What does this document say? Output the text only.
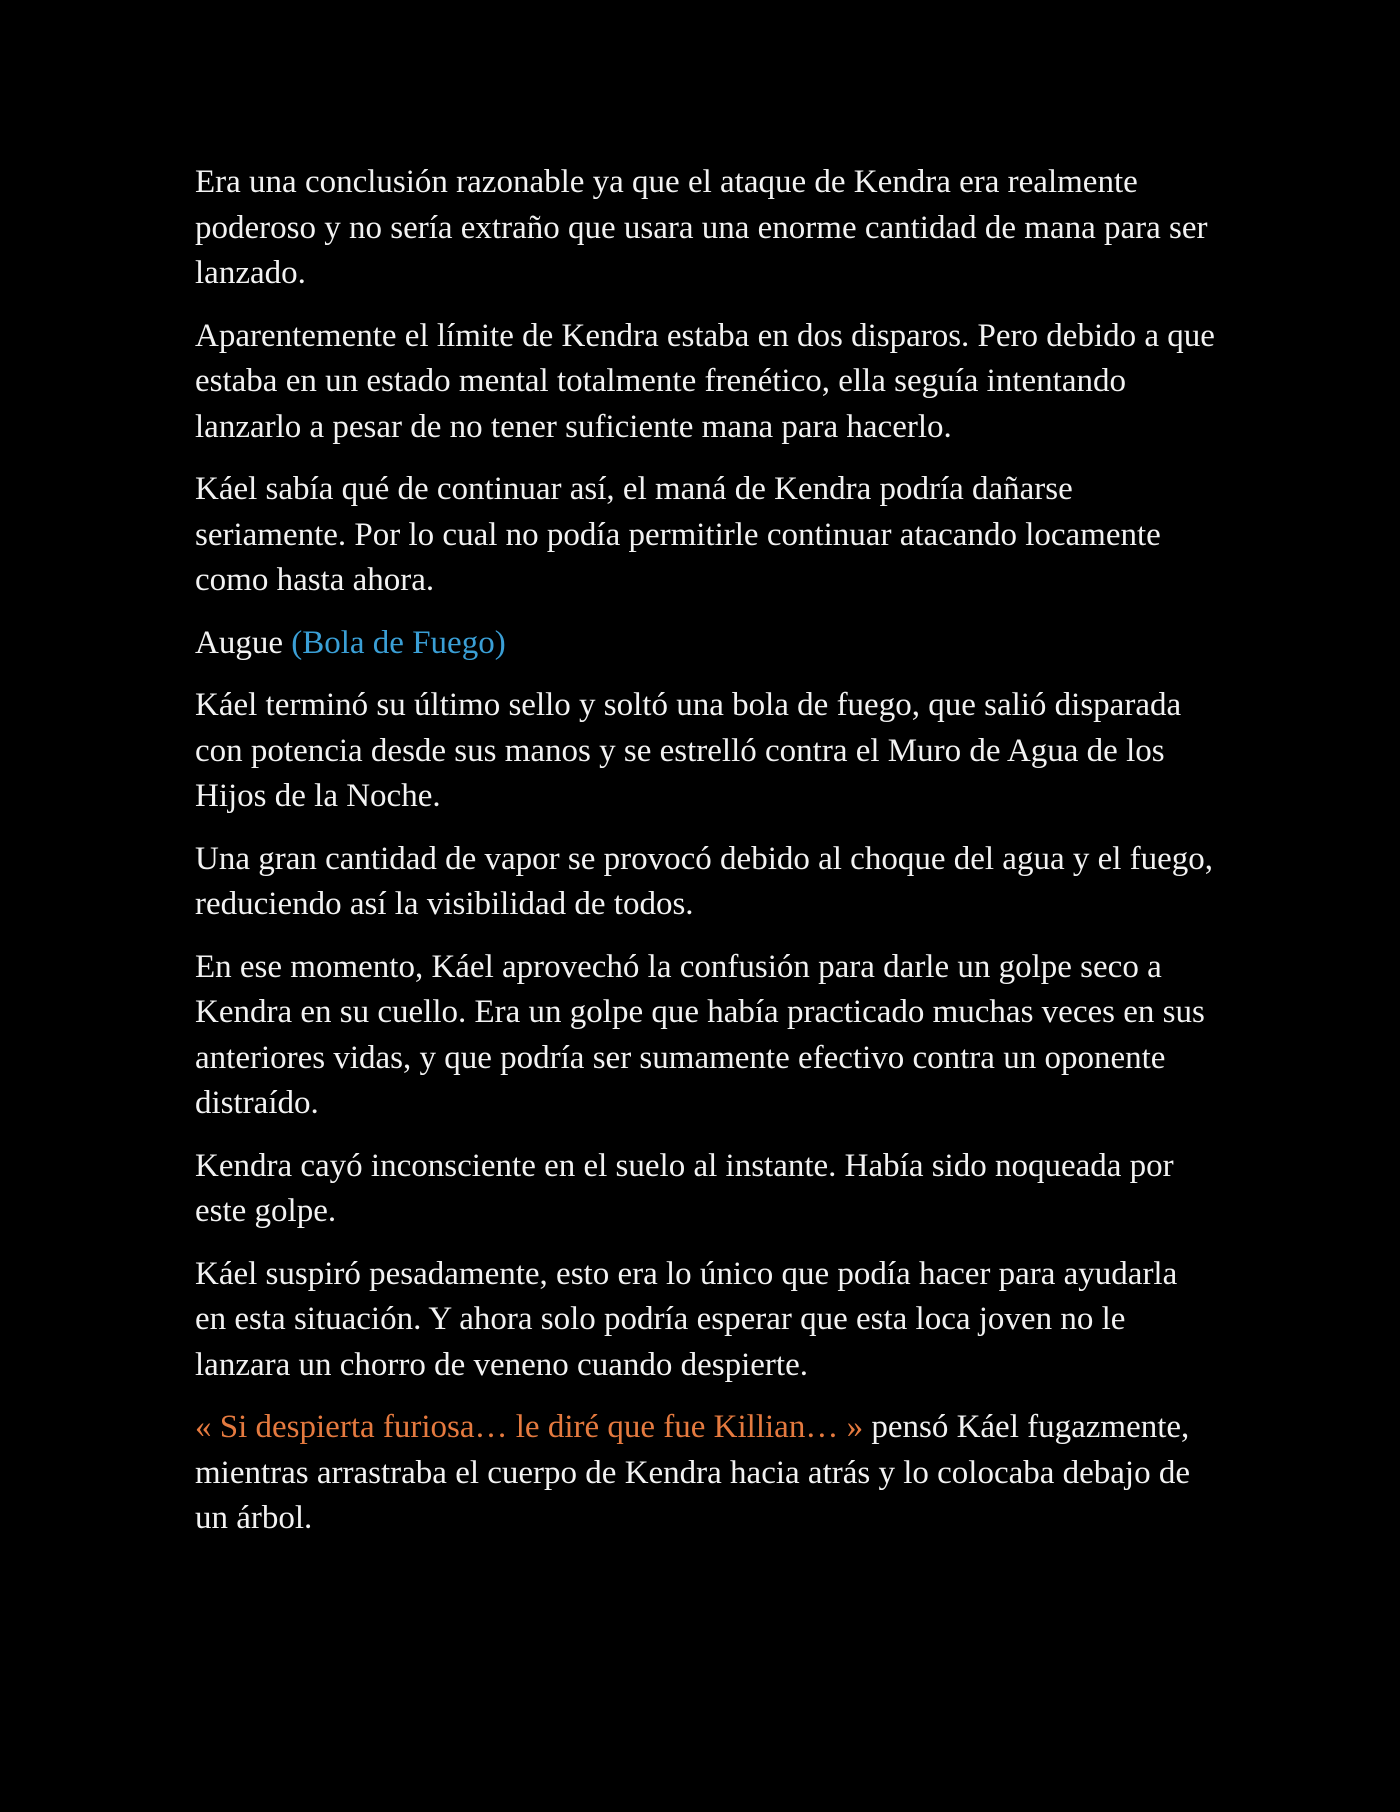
Era una conclusión razonable ya que el ataque de Kendra era realmente poderoso y no sería extraño que usara una enorme cantidad de mana para ser lanzado.

Aparentemente el límite de Kendra estaba en dos disparos. Pero debido a que estaba en un estado mental totalmente frenético, ella seguía intentando lanzarlo a pesar de no tener suficiente mana para hacerlo.

Káel sabía qué de continuar así, el maná de Kendra podría dañarse seriamente. Por lo cual no podía permitirle continuar atacando locamente como hasta ahora.

Augue (Bola de Fuego)

Káel terminó su último sello y soltó una bola de fuego, que salió disparada con potencia desde sus manos y se estrelló contra el Muro de Agua de los Hijos de la Noche.

Una gran cantidad de vapor se provocó debido al choque del agua y el fuego, reduciendo así la visibilidad de todos.

En ese momento, Káel aprovechó la confusión para darle un golpe seco a Kendra en su cuello. Era un golpe que había practicado muchas veces en sus anteriores vidas, y que podría ser sumamente efectivo contra un oponente distraído.

Kendra cayó inconsciente en el suelo al instante. Había sido noqueada por este golpe.

Káel suspiró pesadamente, esto era lo único que podía hacer para ayudarla en esta situación. Y ahora solo podría esperar que esta loca joven no le lanzara un chorro de veneno cuando despierte.

« Si despierta furiosa… le diré que fue Killian… » pensó Káel fugazmente, mientras arrastraba el cuerpo de Kendra hacia atrás y lo colocaba debajo de un árbol.
